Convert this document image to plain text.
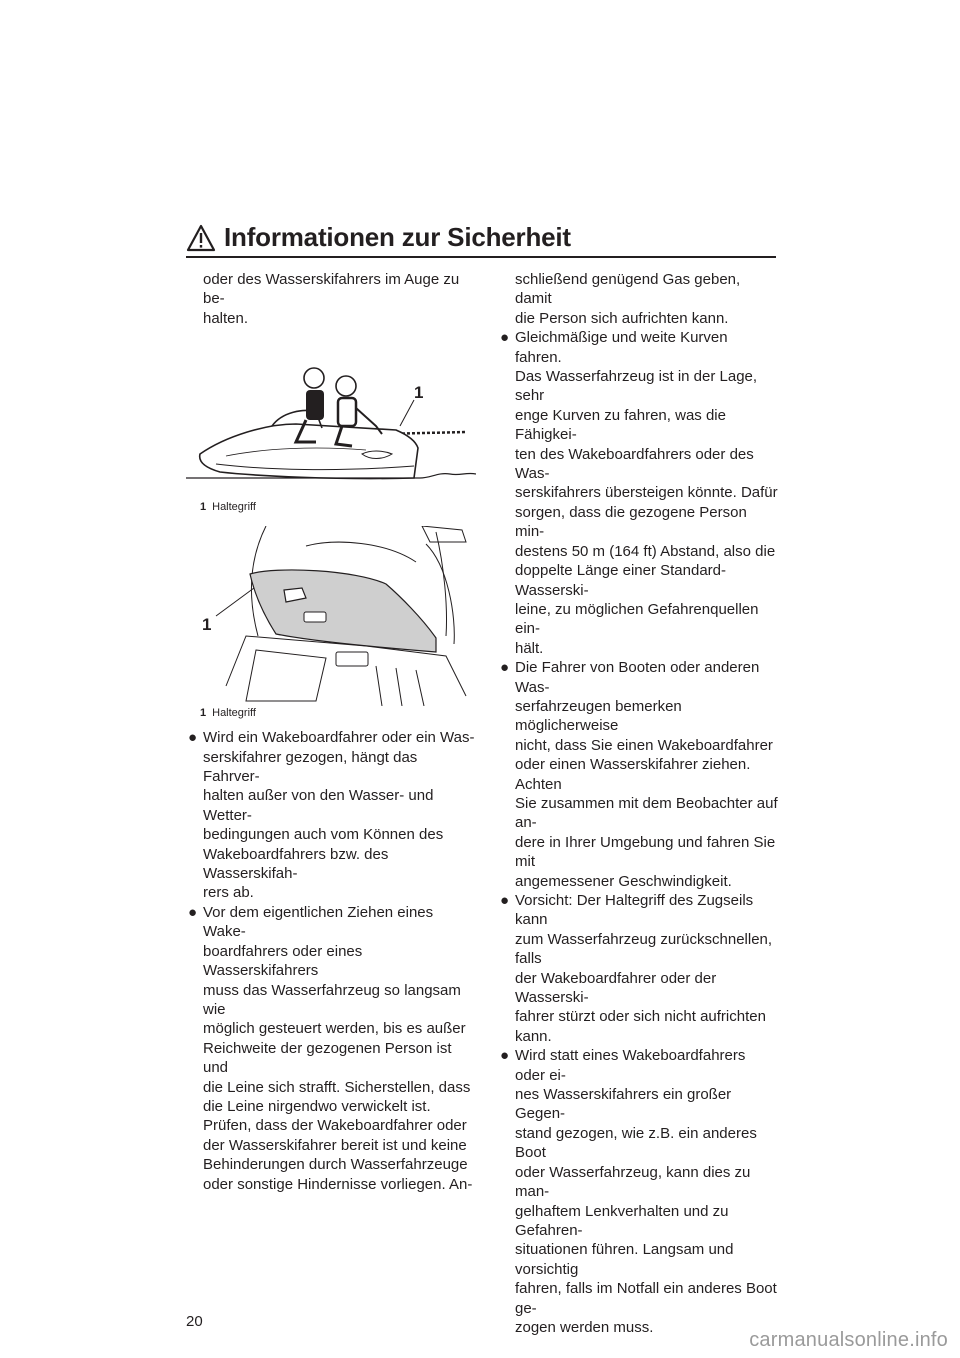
Informationen zur Sicherheit

oder des Wasserskifahrers im Auge zu be-
halten.

1

1 Haltegriff

1

1 Haltegriff

● Wird ein Wakeboardfahrer oder ein Was-
serskifahrer gezogen, hängt das Fahrver-
halten außer von den Wasser- und Wetter-
bedingungen auch vom Können des
Wakeboardfahrers bzw. des Wasserskifah-
rers ab.
● Vor dem eigentlichen Ziehen eines Wake-
boardfahrers oder eines Wasserskifahrers
muss das Wasserfahrzeug so langsam wie
möglich gesteuert werden, bis es außer
Reichweite der gezogenen Person ist und
die Leine sich strafft. Sicherstellen, dass
die Leine nirgendwo verwickelt ist.
Prüfen, dass der Wakeboardfahrer oder
der Wasserskifahrer bereit ist und keine
Behinderungen durch Wasserfahrzeuge
oder sonstige Hindernisse vorliegen. An-

schließend genügend Gas geben, damit
die Person sich aufrichten kann.

● Gleichmäßige und weite Kurven fahren.
Das Wasserfahrzeug ist in der Lage, sehr
enge Kurven zu fahren, was die Fähigkei-
ten des Wakeboardfahrers oder des Was-
serskifahrers übersteigen könnte. Dafür
sorgen, dass die gezogene Person min-
destens 50 m (164 ft) Abstand, also die
doppelte Länge einer Standard-Wasserski-
leine, zu möglichen Gefahrenquellen ein-
hält.
● Die Fahrer von Booten oder anderen Was-
serfahrzeugen bemerken möglicherweise
nicht, dass Sie einen Wakeboardfahrer
oder einen Wasserskifahrer ziehen. Achten
Sie zusammen mit dem Beobachter auf an-
dere in Ihrer Umgebung und fahren Sie mit
angemessener Geschwindigkeit.
● Vorsicht: Der Haltegriff des Zugseils kann
zum Wasserfahrzeug zurückschnellen, falls
der Wakeboardfahrer oder der Wasserski-
fahrer stürzt oder sich nicht aufrichten
kann.
● Wird statt eines Wakeboardfahrers oder ei-
nes Wasserskifahrers ein großer Gegen-
stand gezogen, wie z.B. ein anderes Boot
oder Wasserfahrzeug, kann dies zu man-
gelhaftem Lenkverhalten und zu Gefahren-
situationen führen. Langsam und vorsichtig
fahren, falls im Notfall ein anderes Boot ge-
zogen werden muss.
20
carmanualsonline.info
